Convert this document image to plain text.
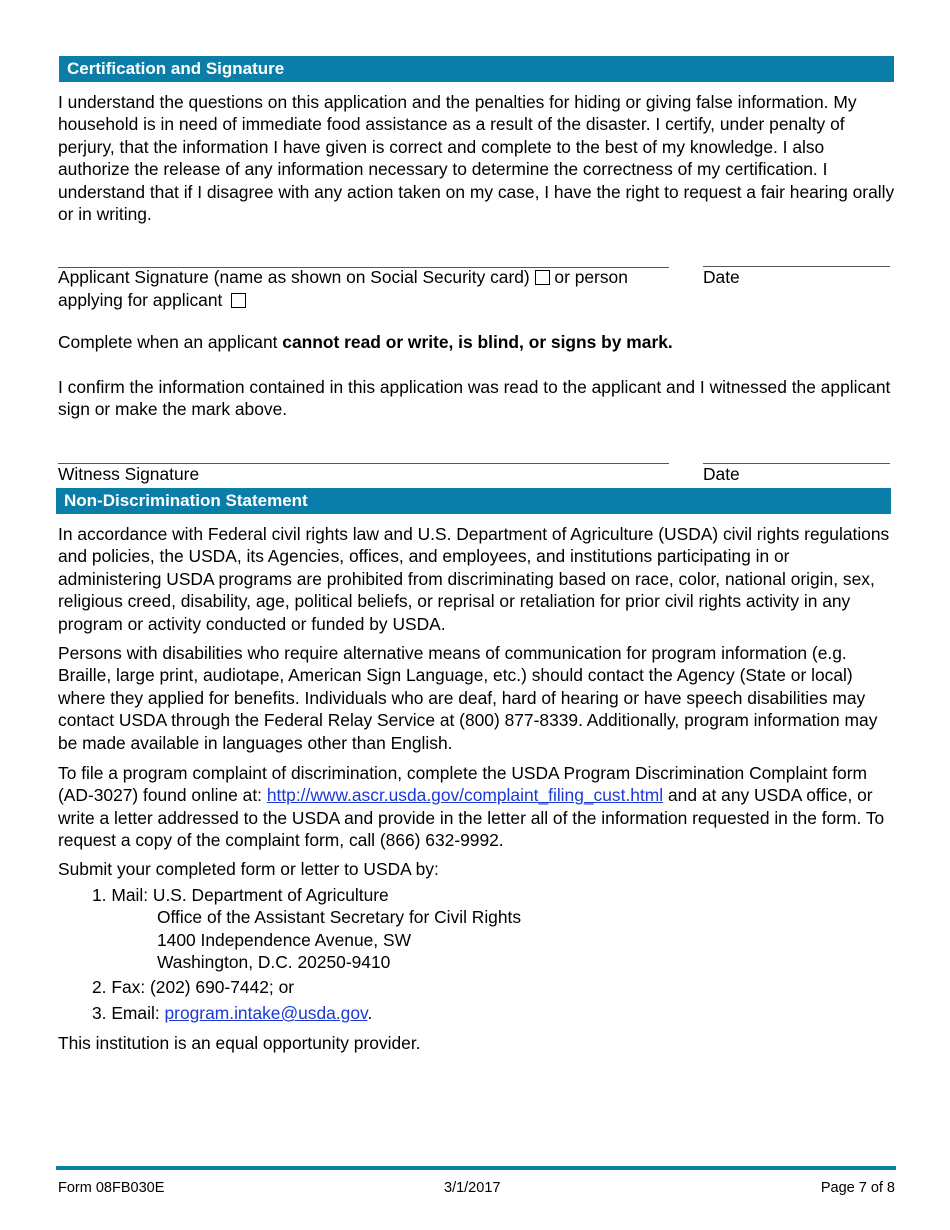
Certification and Signature

I understand the questions on this application and the penalties for hiding or giving false information. My household is in need of immediate food assistance as a result of the disaster. I certify, under penalty of perjury, that the information I have given is correct and complete to the best of my knowledge. I also authorize the release of any information necessary to determine the correctness of my certification. I understand that if I disagree with any action taken on my case, I have the right to request a fair hearing orally or in writing.

Applicant Signature (name as shown on Social Security card) or person	Date
applying for applicant
Complete when an applicant cannot read or write, is blind, or signs by mark.

I confirm the information contained in this application was read to the applicant and I witnessed the applicant sign or make the mark above.

Witness Signature	Date
Non-Discrimination Statement

In accordance with Federal civil rights law and U.S. Department of Agriculture (USDA) civil rights regulations and policies, the USDA, its Agencies, offices, and employees, and institutions participating in or administering USDA programs are prohibited from discriminating based on race, color, national origin, sex, religious creed, disability, age, political beliefs, or reprisal or retaliation for prior civil rights activity in any program or activity conducted or funded by USDA.

Persons with disabilities who require alternative means of communication for program information (e.g. Braille, large print, audiotape, American Sign Language, etc.) should contact the Agency (State or local) where they applied for benefits. Individuals who are deaf, hard of hearing or have speech disabilities may contact USDA through the Federal Relay Service at (800) 877-8339. Additionally, program information may be made available in languages other than English.

To file a program complaint of discrimination, complete the USDA Program Discrimination Complaint form (AD-3027) found online at: http://www.ascr.usda.gov/complaint_filing_cust.html and at any USDA office, or write a letter addressed to the USDA and provide in the letter all of the information requested in the form. To request a copy of the complaint form, call (866) 632-9992.

Submit your completed form or letter to USDA by:
1. Mail: U.S. Department of Agriculture
Office of the Assistant Secretary for Civil Rights
1400 Independence Avenue, SW
Washington, D.C. 20250-9410
2. Fax: (202) 690-7442; or
3. Email: program.intake@usda.gov.
This institution is an equal opportunity provider.
Form 08FB030E	3/1/2017	Page 7 of 8
